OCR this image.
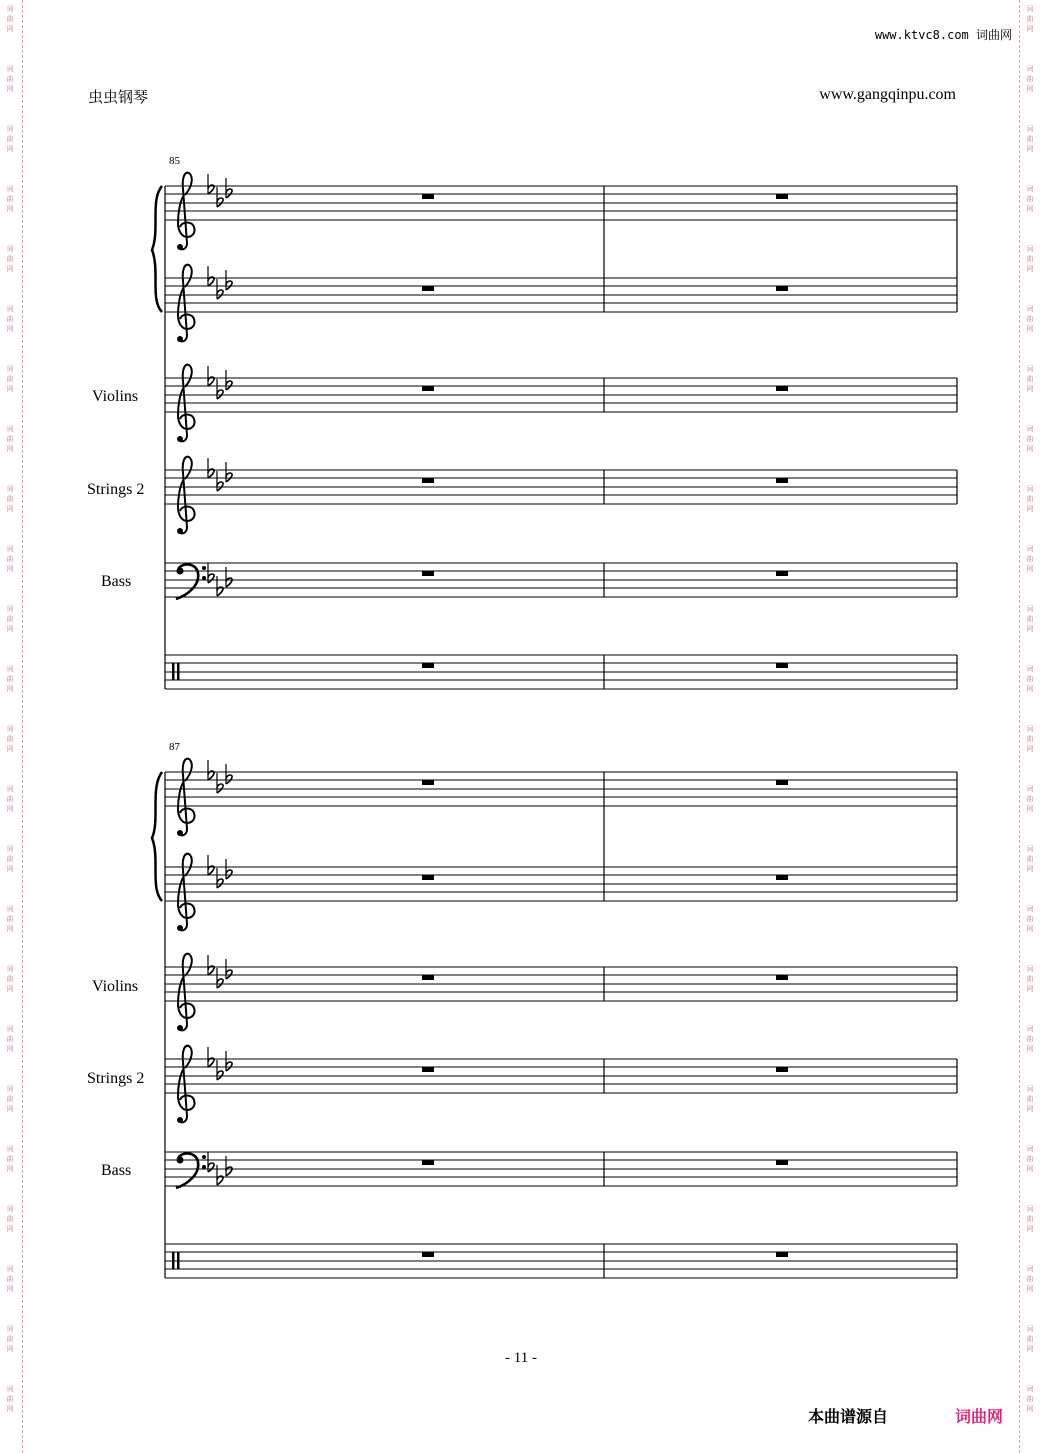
词
曲
网
词
曲
网
词
曲
网
词
曲
网
词
曲
网
词
曲
网
词
曲
网
词
曲
网
词
曲
网
词
曲
网
词
曲
网
词
曲
网
词
曲
网
词
曲
网
词
曲
网
词
曲
网
词
曲
网
词
曲
网
词
曲
网
词
曲
网
词
曲
网
词
曲
网
词
曲
网
词
曲
网
词
曲
网
词
曲
网
词
曲
网
词
曲
网
词
曲
网
词
曲
网
词
曲
网
词
曲
网
词
曲
网
词
曲
网
词
曲
网
词
曲
网
词
曲
网
词
曲
网
词
曲
网
词
曲
网
词
曲
网
词
曲
网
词
曲
网
词
曲
网
词
曲
网
词
曲
网
词
曲
网
词
曲
网
www.ktvc8.com 词曲网
虫虫钢琴	www.gangqinpu.com
85
Violins
Strings 2
Bass
87
Violins
Strings 2
Bass
- 11 -
本曲谱源自	词曲网
